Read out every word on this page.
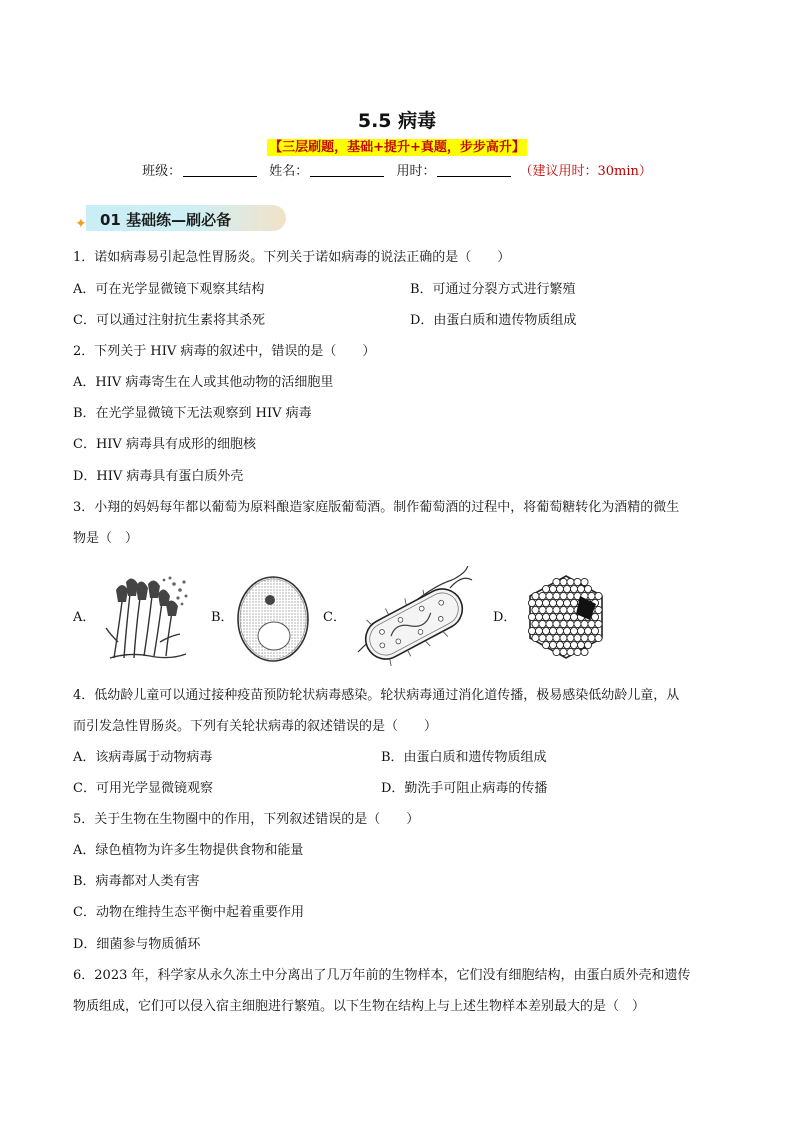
5.5 病毒
【三层刷题，基础+提升+真题，步步高升】
班级：	姓名：	用时：	（建议用时：30min）
01 基础练—刷必备
✦
1．诺如病毒易引起急性胃肠炎。下列关于诺如病毒的说法正确的是（　　）
A．可在光学显微镜下观察其结构	B．可通过分裂方式进行繁殖
C．可以通过注射抗生素将其杀死	D．由蛋白质和遗传物质组成
2．下列关于 HIV 病毒的叙述中，错误的是（　　）
A．HIV 病毒寄生在人或其他动物的活细胞里
B．在光学显微镜下无法观察到 HIV 病毒
C．HIV 病毒具有成形的细胞核
D．HIV 病毒具有蛋白质外壳
3．小翔的妈妈每年都以葡萄为原料酿造家庭版葡萄酒。制作葡萄酒的过程中，将葡萄糖转化为酒精的微生
物是（　）
A．	B．	C．	D．
4．低幼龄儿童可以通过接种疫苗预防轮状病毒感染。轮状病毒通过消化道传播，极易感染低幼龄儿童，从
而引发急性胃肠炎。下列有关轮状病毒的叙述错误的是（　　）
A．该病毒属于动物病毒	B．由蛋白质和遗传物质组成
C．可用光学显微镜观察	D．勤洗手可阻止病毒的传播
5．关于生物在生物圈中的作用，下列叙述错误的是（　　）
A．绿色植物为许多生物提供食物和能量
B．病毒都对人类有害
C．动物在维持生态平衡中起着重要作用
D．细菌参与物质循环
6．2023 年，科学家从永久冻土中分离出了几万年前的生物样本，它们没有细胞结构，由蛋白质外壳和遗传
物质组成，它们可以侵入宿主细胞进行繁殖。以下生物在结构上与上述生物样本差别最大的是（　）
